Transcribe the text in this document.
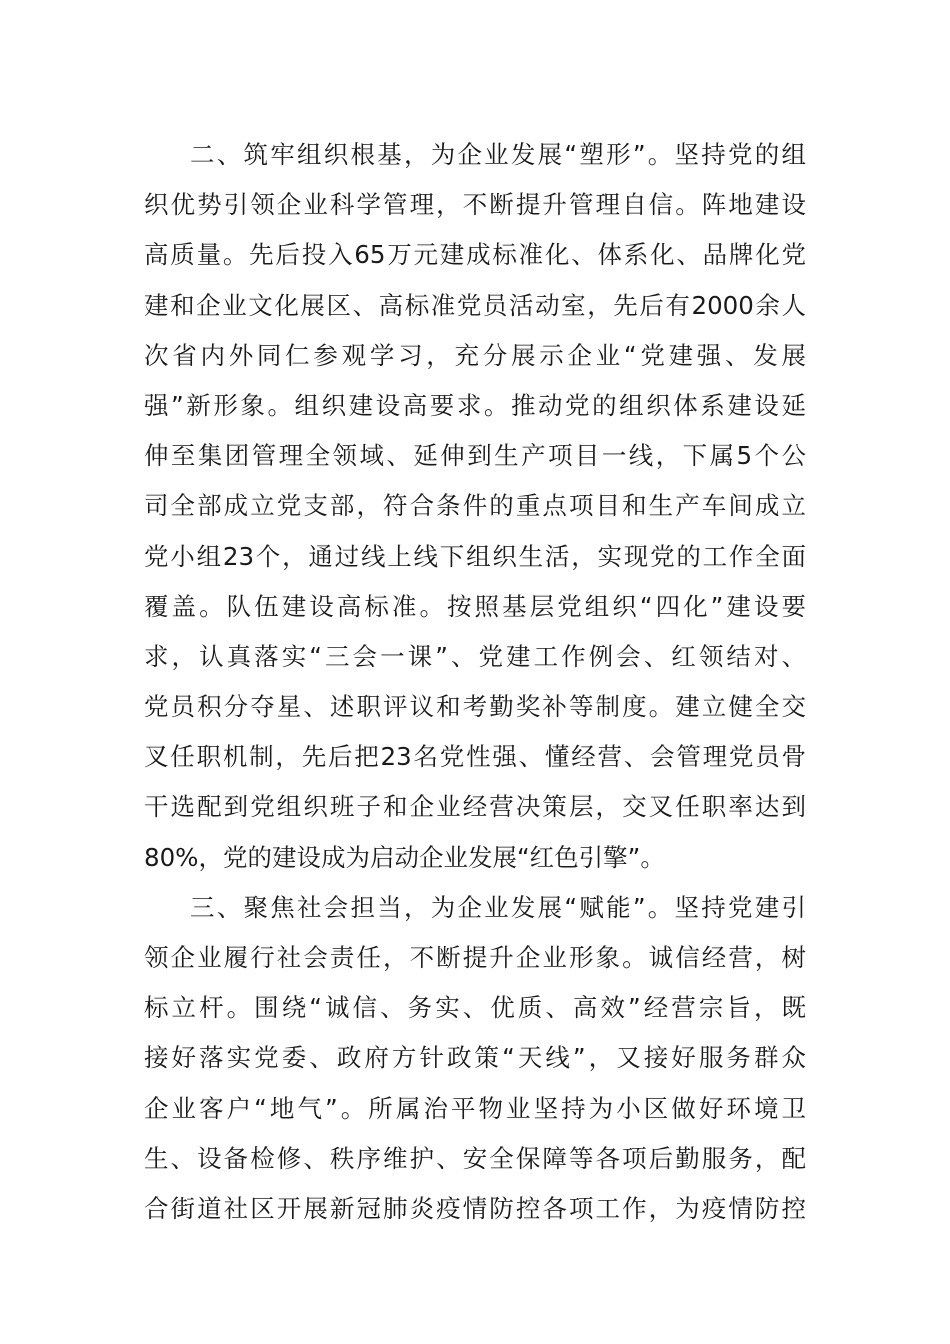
二、筑牢组织根基，为企业发展“塑形”。坚持党的组
织优势引领企业科学管理，不断提升管理自信。阵地建设
高质量。先后投入65万元建成标准化、体系化、品牌化党
建和企业文化展区、高标准党员活动室，先后有2000余人
次省内外同仁参观学习，充分展示企业“党建强、发展
强”新形象。组织建设高要求。推动党的组织体系建设延
伸至集团管理全领域、延伸到生产项目一线，下属5个公
司全部成立党支部，符合条件的重点项目和生产车间成立
党小组23个，通过线上线下组织生活，实现党的工作全面
覆盖。队伍建设高标准。按照基层党组织“四化”建设要
求，认真落实“三会一课”、党建工作例会、红领结对、
党员积分夺星、述职评议和考勤奖补等制度。建立健全交
叉任职机制，先后把23名党性强、懂经营、会管理党员骨
干选配到党组织班子和企业经营决策层，交叉任职率达到
80%，党的建设成为启动企业发展“红色引擎”。
三、聚焦社会担当，为企业发展“赋能”。坚持党建引
领企业履行社会责任，不断提升企业形象。诚信经营，树
标立杆。围绕“诚信、务实、优质、高效”经营宗旨，既
接好落实党委、政府方针政策“天线”，又接好服务群众
企业客户“地气”。所属治平物业坚持为小区做好环境卫
生、设备检修、秩序维护、安全保障等各项后勤服务，配
合街道社区开展新冠肺炎疫情防控各项工作，为疫情防控
